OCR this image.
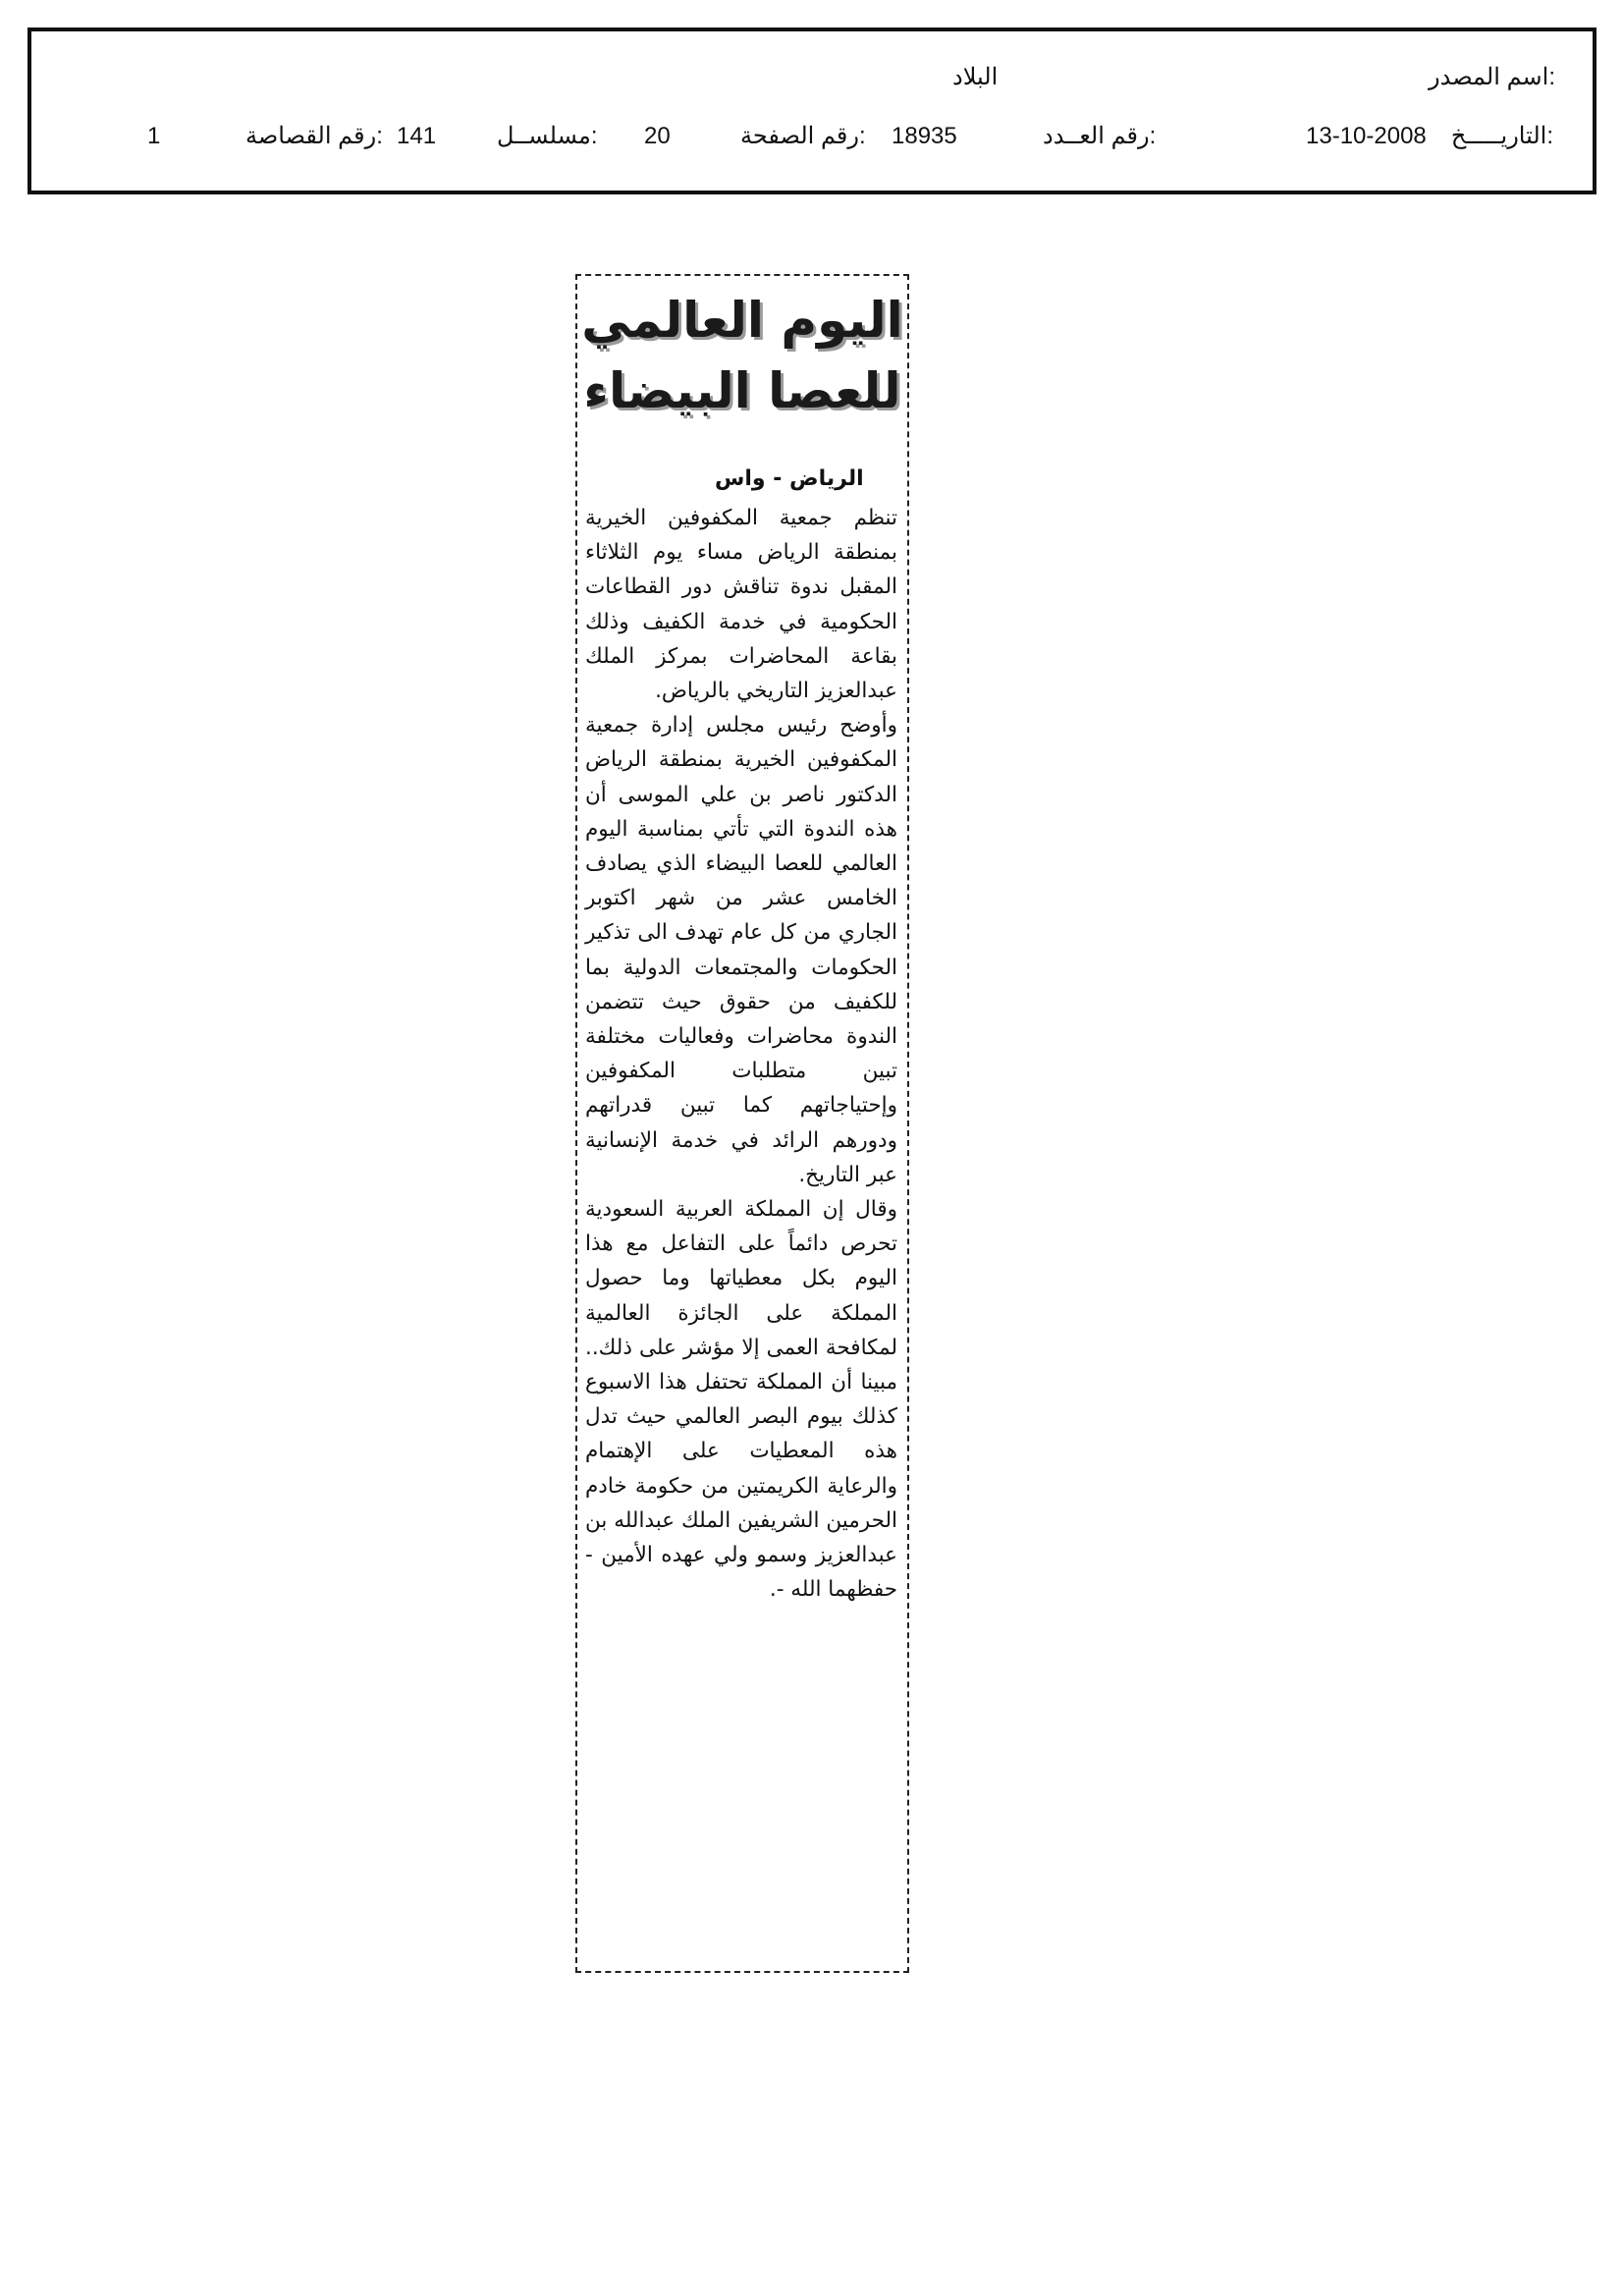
اسم المصدر:
البلاد
التاريـــــخ:
13-10-2008
رقم العــدد:
18935
رقم الصفحة:
20
مسلســل:
141
رقم القصاصة:
1
اليوم العالمي
للعصا البيضاء
الرياض - واس

تنظم جمعية المكفوفين الخيرية بمنطقة الرياض مساء يوم الثلاثاء المقبل ندوة تناقش دور القطاعات الحكومية في خدمة الكفيف وذلك بقاعة المحاضرات بمركز الملك عبدالعزيز التاريخي بالرياض.

وأوضح رئيس مجلس إدارة جمعية المكفوفين الخيرية بمنطقة الرياض الدكتور ناصر بن علي الموسى أن هذه الندوة التي تأتي بمناسبة اليوم العالمي للعصا البيضاء الذي يصادف الخامس عشر من شهر اكتوبر الجاري من كل عام تهدف الى تذكير الحكومات والمجتمعات الدولية بما للكفيف من حقوق حيث تتضمن الندوة محاضرات وفعاليات مختلفة تبين متطلبات المكفوفين وإحتياجاتهم كما تبين قدراتهم ودورهم الرائد في خدمة الإنسانية عبر التاريخ.

وقال إن المملكة العربية السعودية تحرص دائماً على التفاعل مع هذا اليوم بكل معطياتها وما حصول المملكة على الجائزة العالمية لمكافحة العمى إلا مؤشر على ذلك.. مبينا أن المملكة تحتفل هذا الاسبوع كذلك بيوم البصر العالمي حيث تدل هذه المعطيات على الإهتمام والرعاية الكريمتين من حكومة خادم الحرمين الشريفين الملك عبدالله بن عبدالعزيز وسمو ولي عهده الأمين - حفظهما الله -.
